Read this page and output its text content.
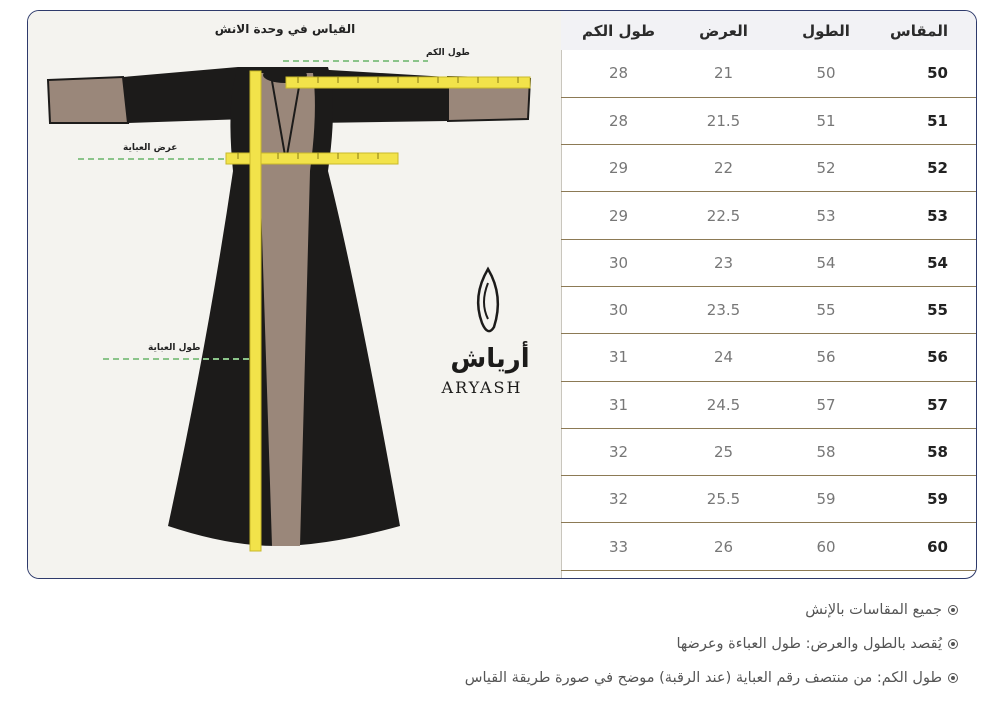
القياس في وحدة الانش
طول الكم
عرض العباية
طول العباية	أرياش
ARYASH
طول الكم	العرض	الطول	المقاس
28	21	50	50
28	21.5	51	51
29	22	52	52
29	22.5	53	53
30	23	54	54
30	23.5	55	55
31	24	56	56
31	24.5	57	57
32	25	58	58
32	25.5	59	59
33	26	60	60
جميع المقاسات بالإنش
يُقصد بالطول والعرض: طول العباءة وعرضها
طول الكم: من منتصف رقم العباية (عند الرقبة) موضح في صورة طريقة القياس
